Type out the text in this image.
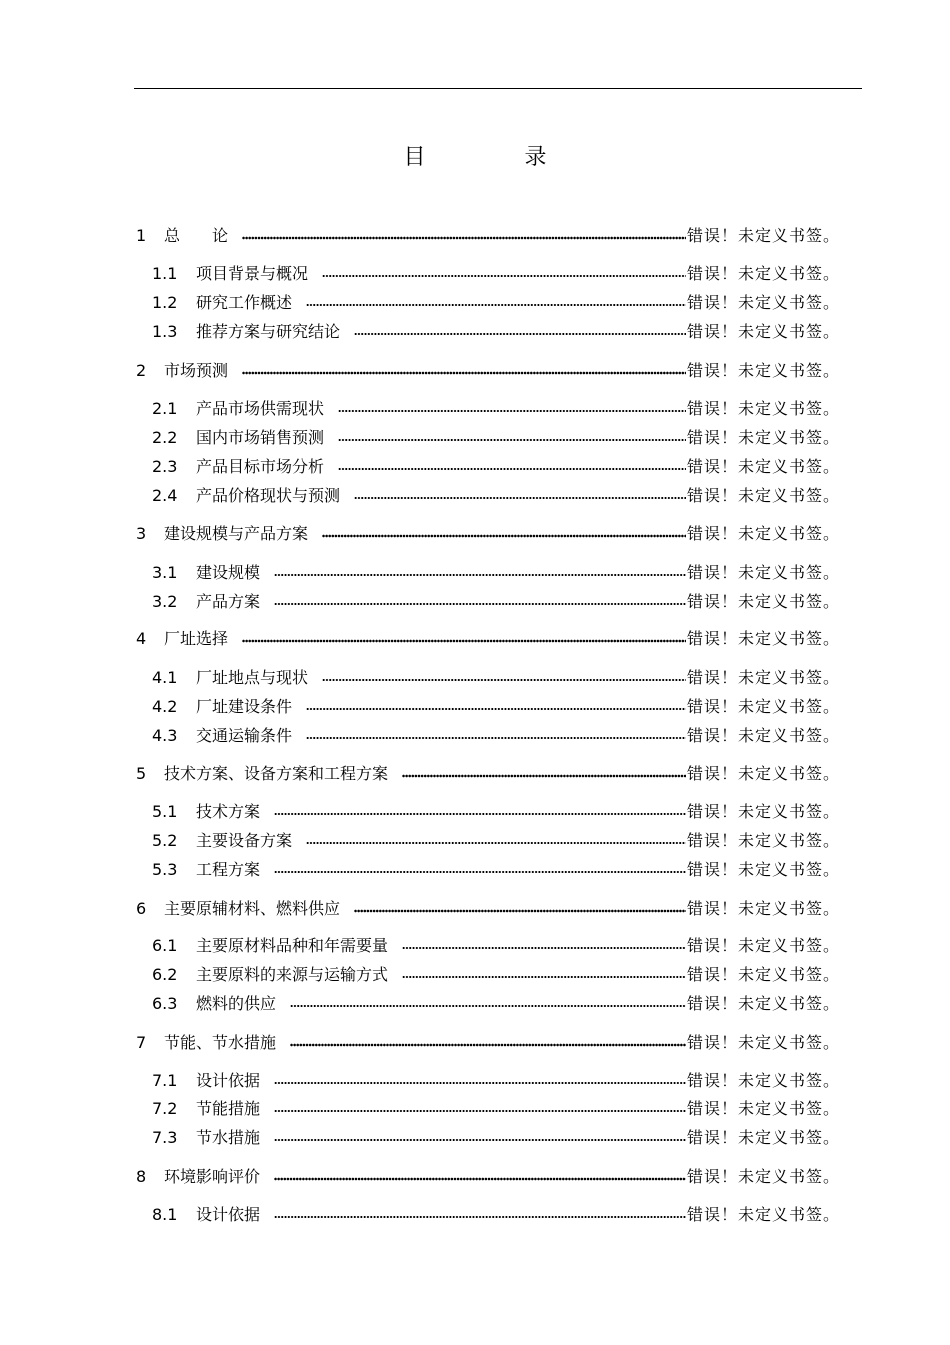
目 录
1 总　　论	错误！未定义书签。
1.1 项目背景与概况	错误！未定义书签。
1.2 研究工作概述	错误！未定义书签。
1.3 推荐方案与研究结论	错误！未定义书签。
2 市场预测	错误！未定义书签。
2.1 产品市场供需现状	错误！未定义书签。
2.2 国内市场销售预测	错误！未定义书签。
2.3 产品目标市场分析	错误！未定义书签。
2.4 产品价格现状与预测	错误！未定义书签。
3 建设规模与产品方案	错误！未定义书签。
3.1 建设规模	错误！未定义书签。
3.2 产品方案	错误！未定义书签。
4 厂址选择	错误！未定义书签。
4.1 厂址地点与现状	错误！未定义书签。
4.2 厂址建设条件	错误！未定义书签。
4.3 交通运输条件	错误！未定义书签。
5 技术方案、设备方案和工程方案	错误！未定义书签。
5.1 技术方案	错误！未定义书签。
5.2 主要设备方案	错误！未定义书签。
5.3 工程方案	错误！未定义书签。
6 主要原辅材料、燃料供应	错误！未定义书签。
6.1 主要原材料品种和年需要量	错误！未定义书签。
6.2 主要原料的来源与运输方式	错误！未定义书签。
6.3 燃料的供应	错误！未定义书签。
7 节能、节水措施	错误！未定义书签。
7.1 设计依据	错误！未定义书签。
7.2 节能措施	错误！未定义书签。
7.3 节水措施	错误！未定义书签。
8 环境影响评价	错误！未定义书签。
8.1 设计依据	错误！未定义书签。
